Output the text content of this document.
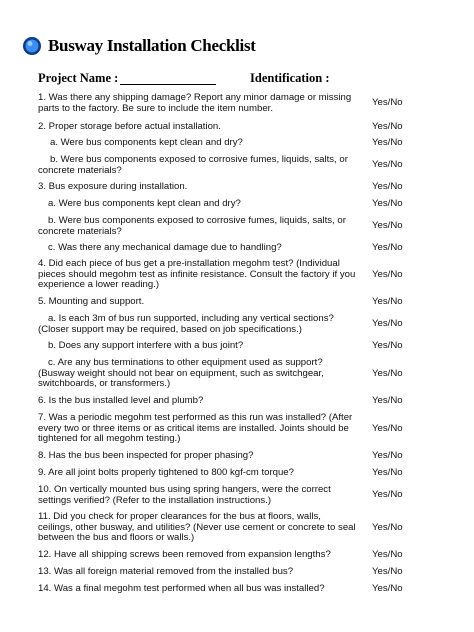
Busway Installation Checklist
Project Name :	Identification :
1. Was there any shipping damage? Report any minor damage or missing parts to the factory. Be sure to include the item number.
Yes/No
2. Proper storage before actual installation.	Yes/No
a. Were bus components kept clean and dry?	Yes/No
b. Were bus components exposed to corrosive fumes, liquids, salts, or concrete materials?
Yes/No
3. Bus exposure during installation.	Yes/No
a. Were bus components kept clean and dry?	Yes/No
b. Were bus components exposed to corrosive fumes, liquids, salts, or concrete materials?
Yes/No
c. Was there any mechanical damage due to handling?	Yes/No
4. Did each piece of bus get a pre-installation megohm test? (Individual pieces should megohm test as infinite resistance. Consult the factory if you experience a lower reading.)
Yes/No
5. Mounting and support.	Yes/No
a. Is each 3m of bus run supported, including any vertical sections? (Closer support may be required, based on job specifications.)
Yes/No
b. Does any support interfere with a bus joint?	Yes/No
c. Are any bus terminations to other equipment used as support? (Busway weight should not bear on equipment, such as switchgear, switchboards, or transformers.)
Yes/No
6. Is the bus installed level and plumb?	Yes/No
7. Was a periodic megohm test performed as this run was installed? (After every two or three items or as critical items are installed. Joints should be tightened for all megohm testing.)
Yes/No
8. Has the bus been inspected for proper phasing?	Yes/No
9. Are all joint bolts properly tightened to 800 kgf-cm torque?	Yes/No
10. On vertically mounted bus using spring hangers, were the correct settings verified? (Refer to the installation instructions.)
Yes/No
11. Did you check for proper clearances for the bus at floors, walls, ceilings, other busway, and utilities? (Never use cement or concrete to seal between the bus and floors or walls.)
Yes/No
12. Have all shipping screws been removed from expansion lengths?	Yes/No
13. Was all foreign material removed from the installed bus?	Yes/No
14. Was a final megohm test performed when all bus was installed?	Yes/No
